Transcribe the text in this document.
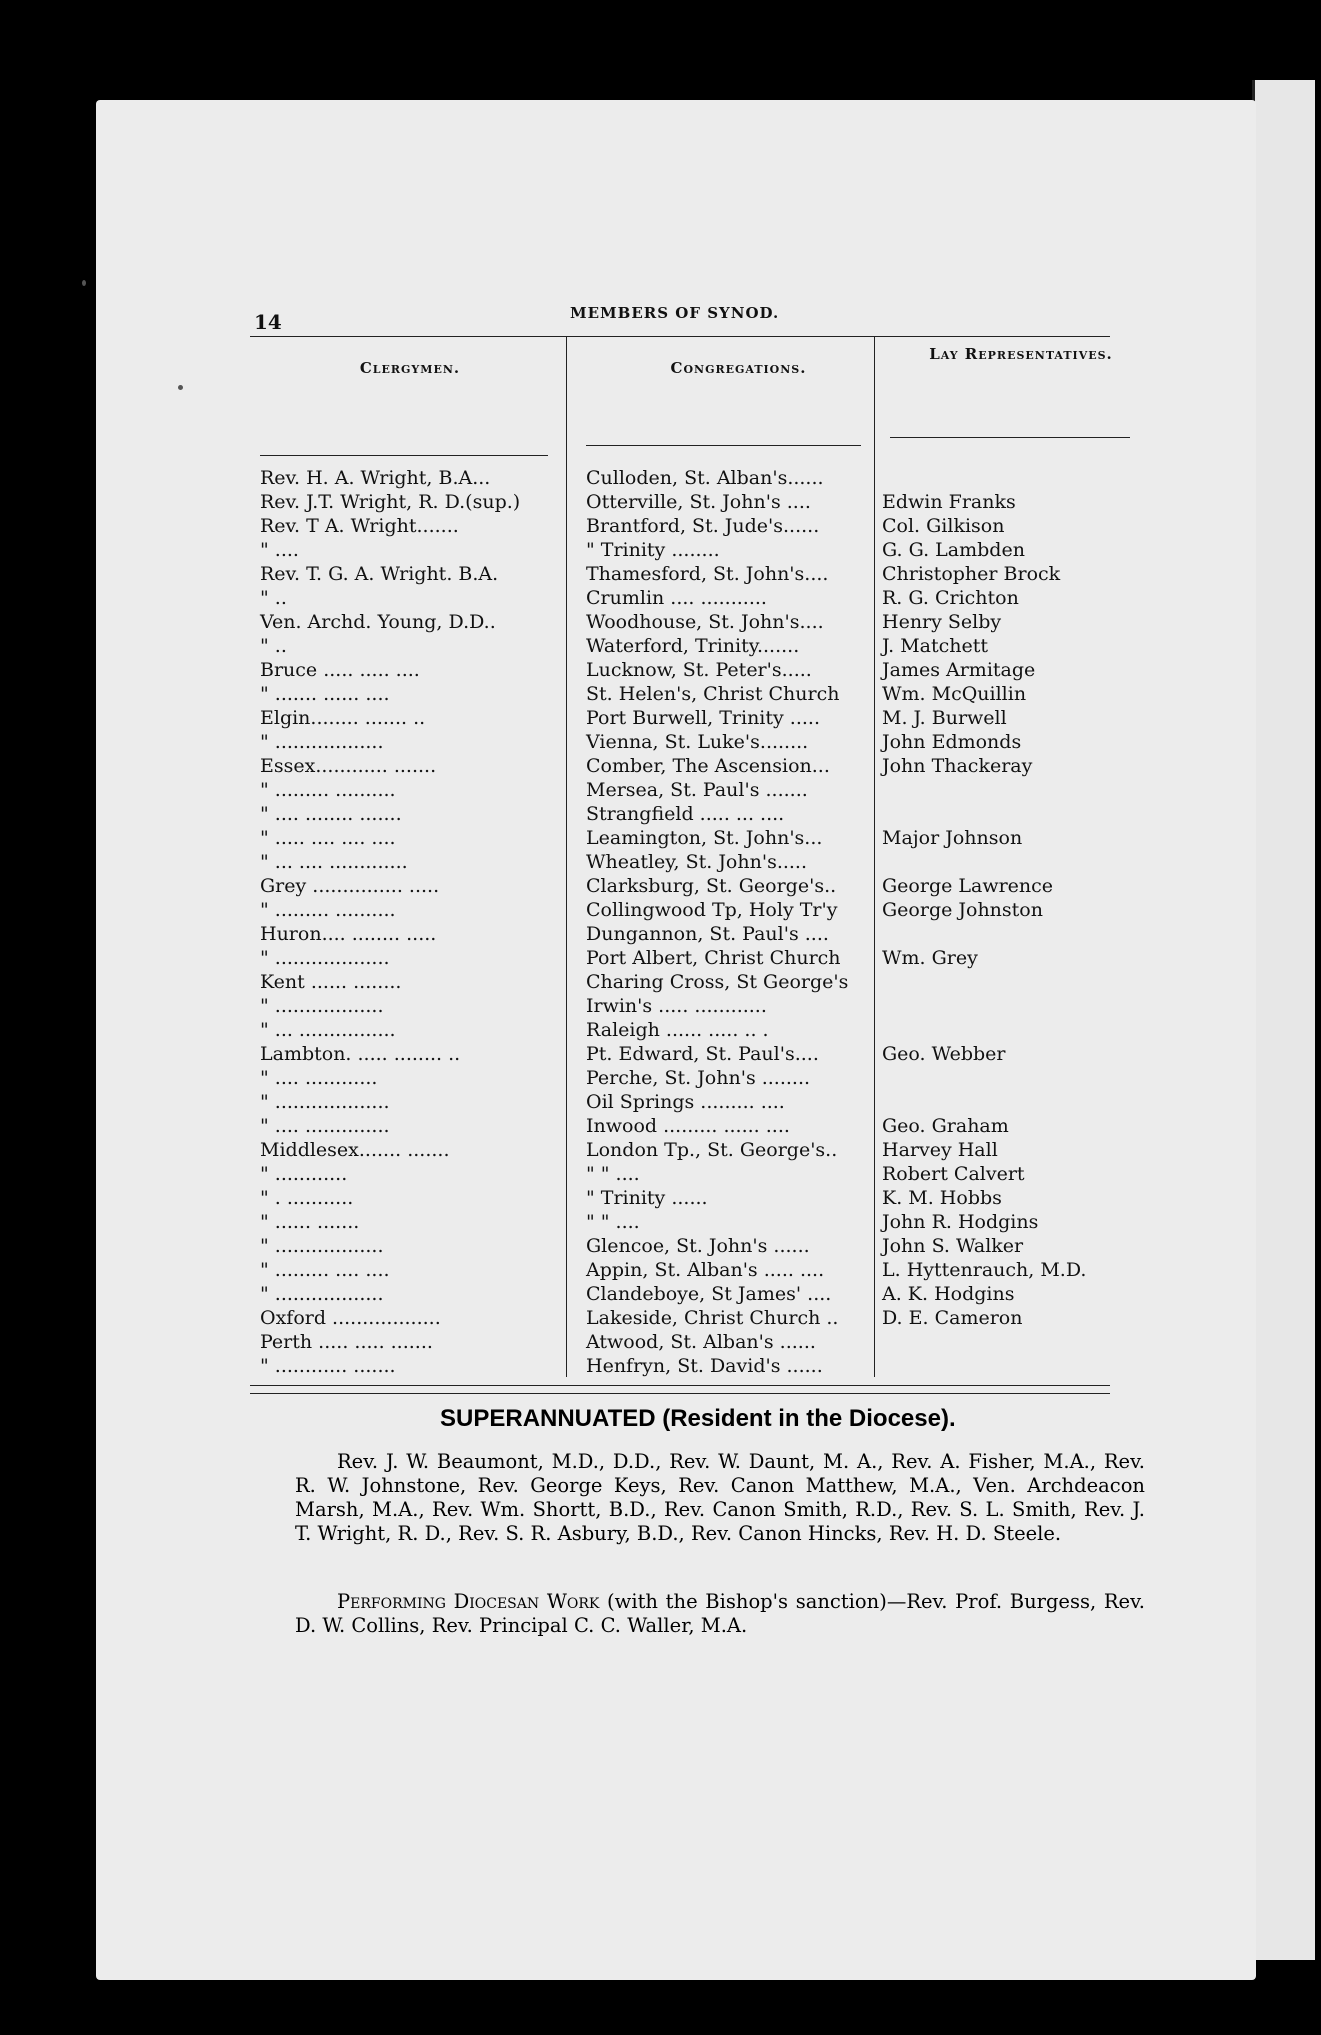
14	MEMBERS OF SYNOD.
Clergymen.	Congregations.
Lay Representatives.
Rev. H. A. Wright, B.A...	Culloden, St. Alban's......
Rev. J.T. Wright, R. D.(sup.)	Otterville, St. John's ....	Edwin Franks
Rev. T A. Wright.......	Brantford, St. Jude's......	Col. Gilkison
" ....	" Trinity ........	G. G. Lambden
Rev. T. G. A. Wright. B.A.	Thamesford, St. John's....	Christopher Brock
" ..	Crumlin .... ...........	R. G. Crichton
Ven. Archd. Young, D.D..	Woodhouse, St. John's....	Henry Selby
" ..	Waterford, Trinity.......	J. Matchett
Bruce ..... ..... ....	Lucknow, St. Peter's.....	James Armitage
" ....... ...... ....	St. Helen's, Christ Church	Wm. McQuillin
Elgin........ ....... ..	Port Burwell, Trinity .....	M. J. Burwell
" ..................	Vienna, St. Luke's........	John Edmonds
Essex............ .......	Comber, The Ascension...	John Thackeray
" ......... ..........	Mersea, St. Paul's .......
" .... ........ .......	Strangfield ..... ... ....
" ..... .... .... ....	Leamington, St. John's...	Major Johnson
" ... .... .............	Wheatley, St. John's.....
Grey ............... .....	Clarksburg, St. George's..	George Lawrence
" ......... ..........	Collingwood Tp, Holy Tr'y	George Johnston
Huron.... ........ .....	Dungannon, St. Paul's ....
" ...................	Port Albert, Christ Church	Wm. Grey
Kent ...... ........	Charing Cross, St George's
" ..................	Irwin's ..... ............
" ... ................	Raleigh ...... ..... .. .
Lambton. ..... ........ ..	Pt. Edward, St. Paul's....	Geo. Webber
" .... ............	Perche, St. John's ........
" ...................	Oil Springs ......... ....
" .... ..............	Inwood ......... ...... ....	Geo. Graham
Middlesex....... .......	London Tp., St. George's..	Harvey Hall
" ............	" " ....	Robert Calvert
" . ...........	" Trinity ......	K. M. Hobbs
" ...... .......	" " ....	John R. Hodgins
" ..................	Glencoe, St. John's ......	John S. Walker
" ......... .... ....	Appin, St. Alban's ..... ....	L. Hyttenrauch, M.D.
" ..................	Clandeboye, St James' ....	A. K. Hodgins
Oxford ..................	Lakeside, Christ Church ..	D. E. Cameron
Perth ..... ..... .......	Atwood, St. Alban's ......
" ............ .......	Henfryn, St. David's ......
SUPERANNUATED (Resident in the Diocese).
Rev. J. W. Beaumont, M.D., D.D., Rev. W. Daunt, M. A., Rev. A. Fisher, M.A., Rev. R. W. Johnstone, Rev. George Keys, Rev. Canon Matthew, M.A., Ven. Archdeacon Marsh, M.A., Rev. Wm. Shortt, B.D., Rev. Canon Smith, R.D., Rev. S. L. Smith, Rev. J. T. Wright, R. D., Rev. S. R. Asbury, B.D., Rev. Canon Hincks, Rev. H. D. Steele.
Performing Diocesan Work (with the Bishop's sanction)—Rev. Prof. Burgess, Rev. D. W. Collins, Rev. Principal C. C. Waller, M.A.
